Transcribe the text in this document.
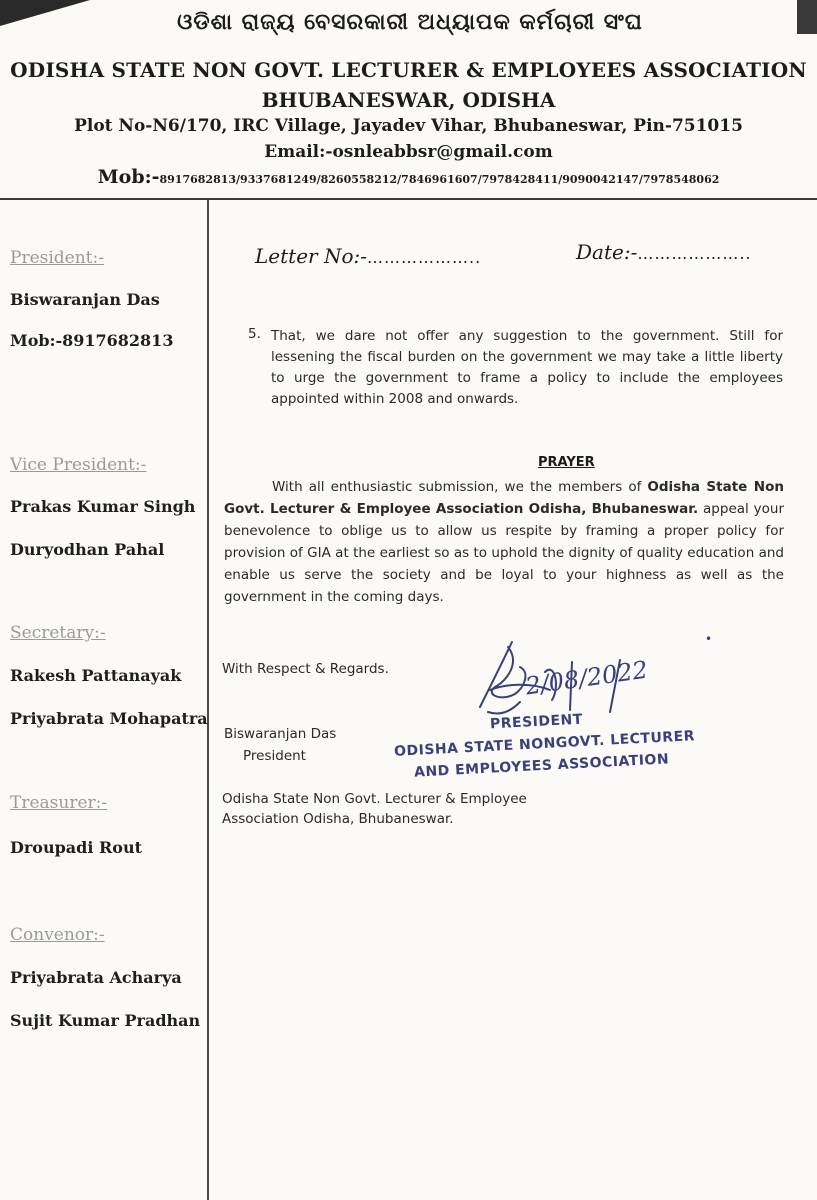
ଓଡିଶା ରାଜ୍ୟ ବେସରକାରୀ ଅଧ୍ୟାପକ କର୍ମଚାରୀ ସଂଘ
ODISHA STATE NON GOVT. LECTURER & EMPLOYEES ASSOCIATION
BHUBANESWAR, ODISHA
Plot No-N6/170, IRC Village, Jayadev Vihar, Bhubaneswar, Pin-751015
Email:-osnleabbsr@gmail.com
Mob:-8917682813/9337681249/8260558212/7846961607/7978428411/9090042147/7978548062
President:-
Biswaranjan Das
Mob:-8917682813
Vice President:-
Prakas Kumar Singh
Duryodhan Pahal
Secretary:-
Rakesh Pattanayak
Priyabrata Mohapatra
Treasurer:-
Droupadi Rout
Convenor:-
Priyabrata Acharya
Sujit Kumar Pradhan
Letter No:-………………..	Date:-………………..
5. That, we dare not offer any suggestion to the government. Still for lessening the fiscal burden on the government we may take a little liberty to urge the government to frame a policy to include the employees appointed within 2008 and onwards.
PRAYER
With all enthusiastic submission, we the members of Odisha State Non Govt. Lecturer & Employee Association Odisha, Bhubaneswar. appeal your benevolence to oblige us to allow us respite by framing a proper policy for provision of GIA at the earliest so as to uphold the dignity of quality education and enable us serve the society and be loyal to your highness as well as the government in the coming days.
With Respect & Regards.
Biswaranjan Das
President
Odisha State Non Govt. Lecturer & Employee
Association Odisha, Bhubaneswar.
2/08/2022
PRESIDENT
ODISHA STATE NONGOVT. LECTURER
AND EMPLOYEES ASSOCIATION
•
